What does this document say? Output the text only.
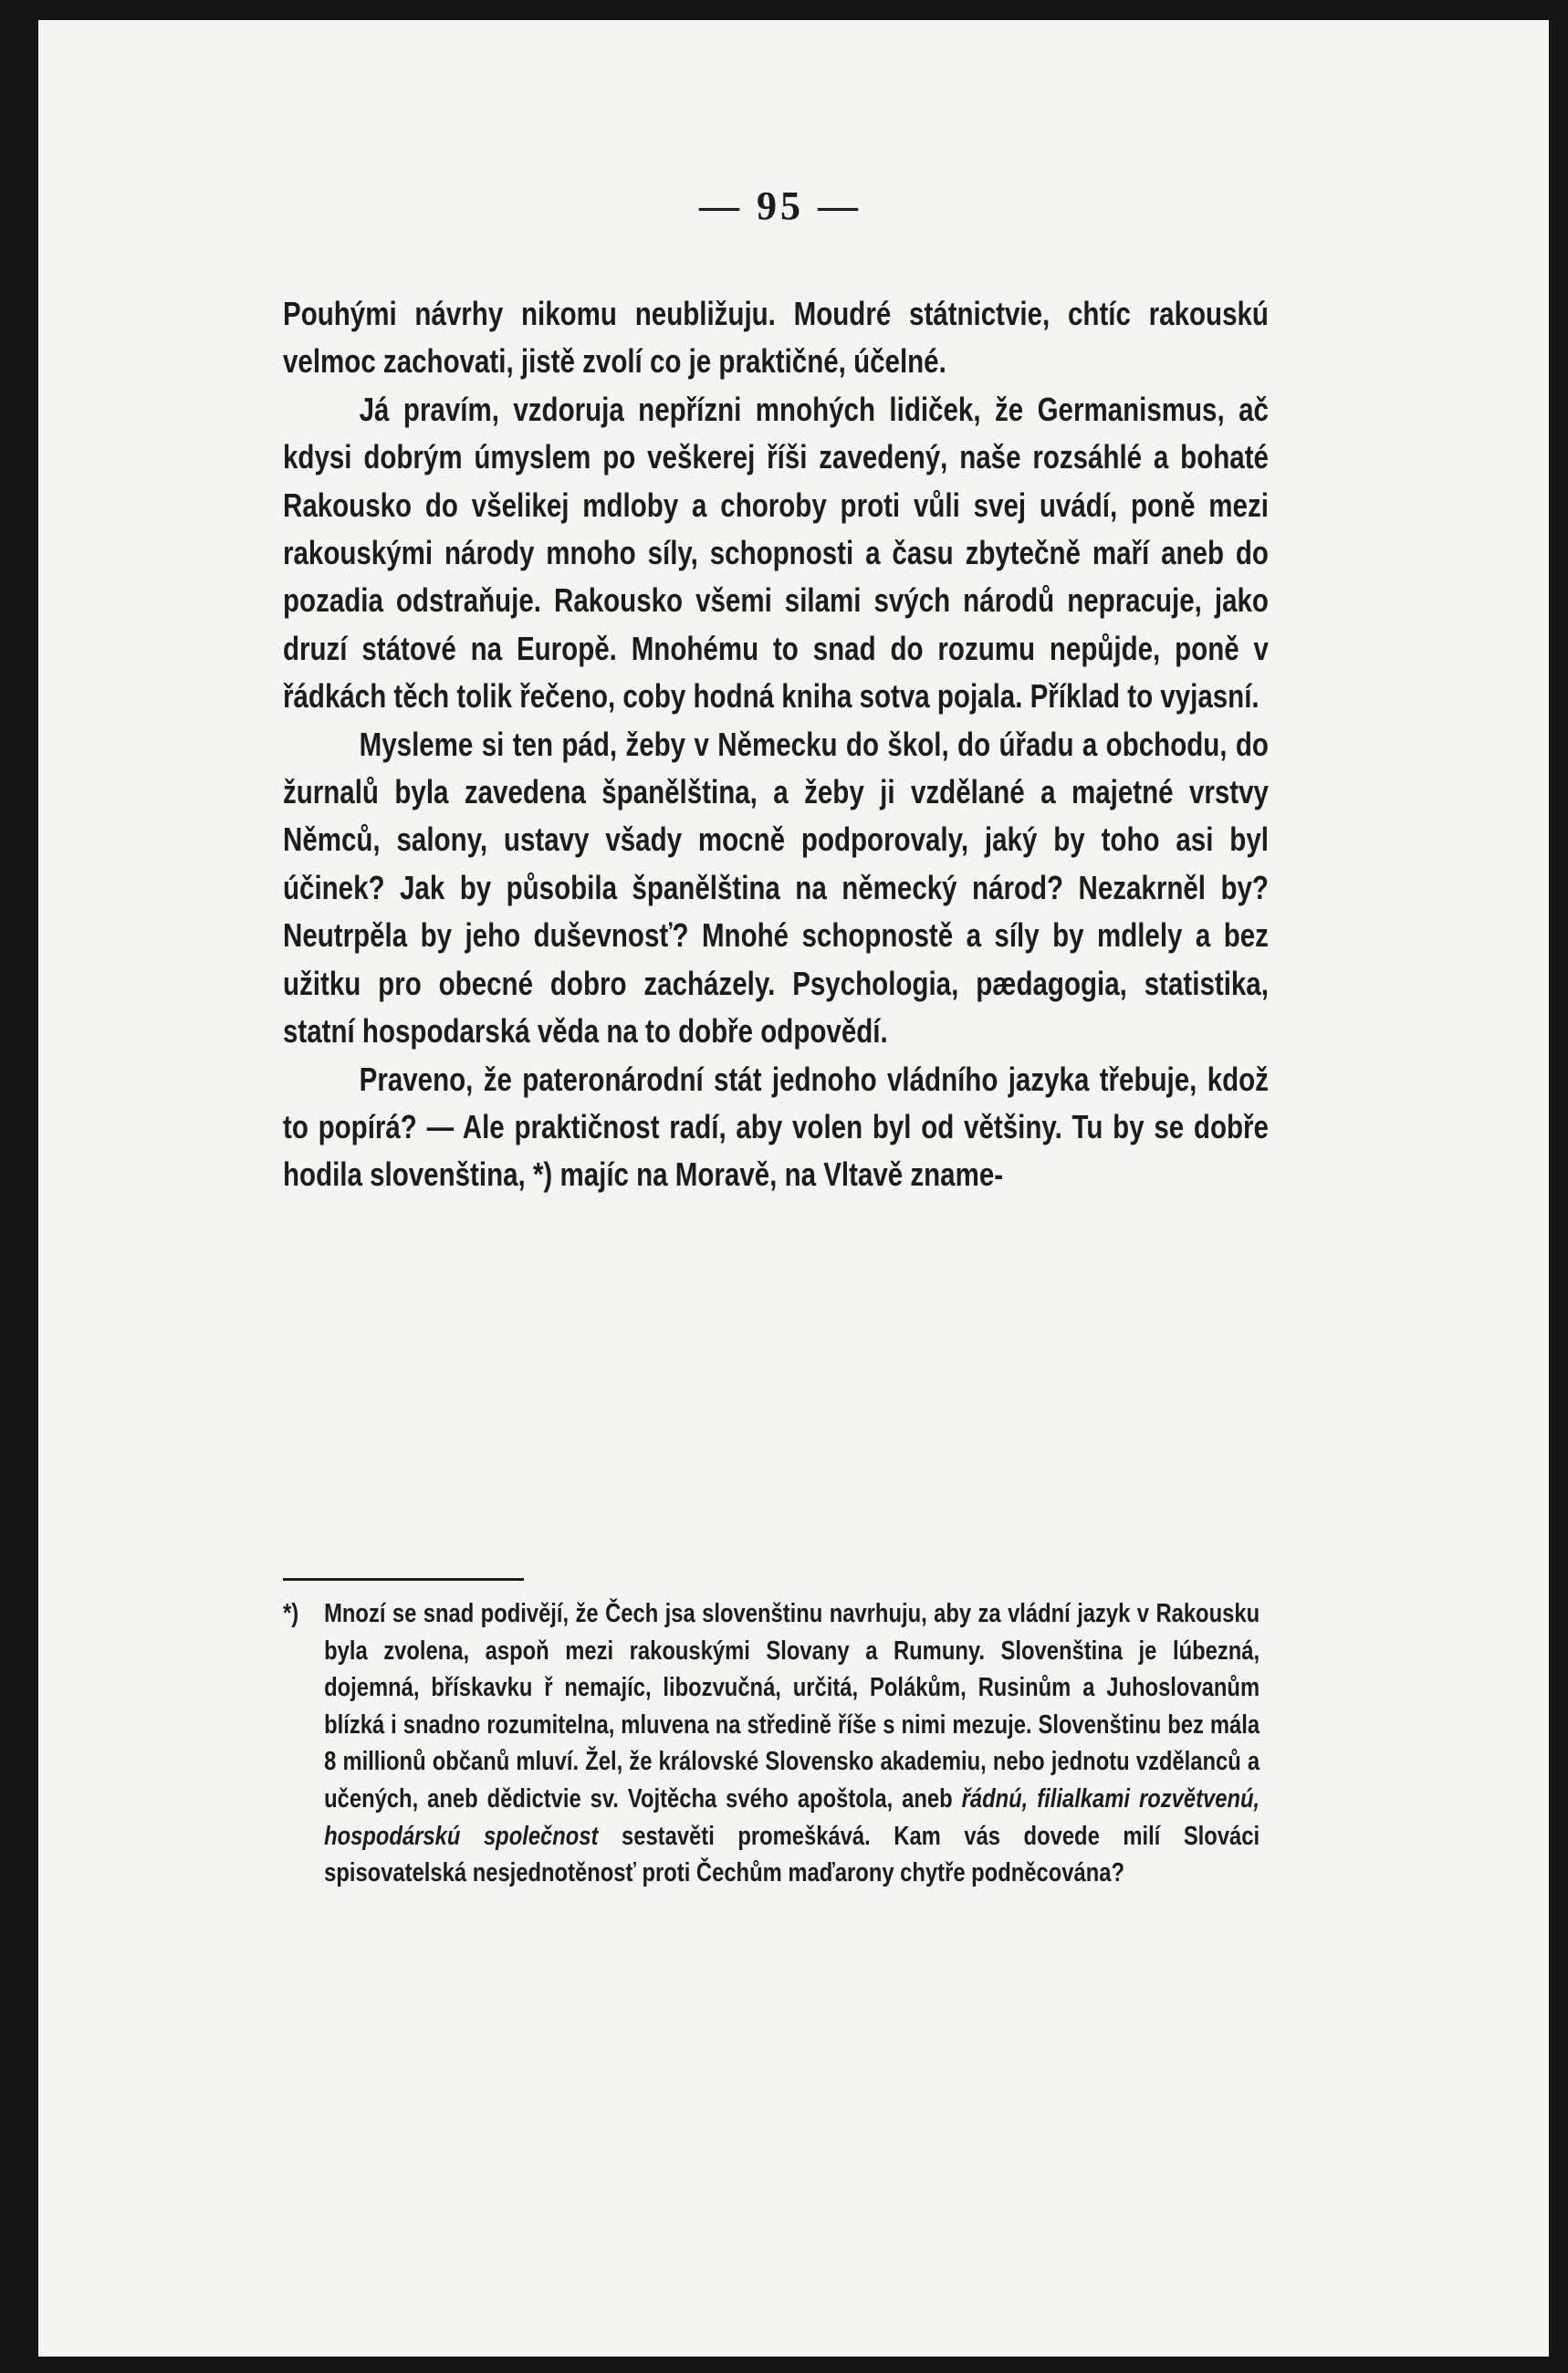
— 95 —

Pouhými návrhy nikomu neubližuju. Moudré státnictvie, chtíc rakouskú velmoc zachovati, jistě zvolí co je praktičné, účelné.

Já pravím, vzdoruja nepřízni mnohých lidiček, že Germanismus, ač kdysi dobrým úmyslem po veškerej říši zavedený, naše rozsáhlé a bohaté Rakousko do všelikej mdloby a choroby proti vůli svej uvádí, poně mezi rakouskými národy mnoho síly, schopnosti a času zbytečně maří aneb do pozadia odstraňuje. Rakousko všemi silami svých národů nepracuje, jako druzí státové na Europě. Mnohému to snad do rozumu nepůjde, poně v řádkách těch tolik řečeno, coby hodná kniha sotva pojala. Příklad to vyjasní.

Mysleme si ten pád, žeby v Německu do škol, do úřadu a obchodu, do žurnalů byla zavedena španělština, a žeby ji vzdělané a majetné vrstvy Němců, salony, ustavy všady mocně podporovaly, jaký by toho asi byl účinek? Jak by působila španělština na německý národ? Nezakrněl by? Neutrpěla by jeho duševnosť? Mnohé schopnostě a síly by mdlely a bez užitku pro obecné dobro zacházely. Psychologia, pædagogia, statistika, statní hospodarská věda na to dobře odpovědí.

Praveno, že pateronárodní stát jednoho vládního jazyka třebuje, kdož to popírá? — Ale praktičnost radí, aby volen byl od většiny. Tu by se dobře hodila slovenština, *) majíc na Moravě, na Vltavě zname-

*) Mnozí se snad podivějí, že Čech jsa slovenštinu navrhuju, aby za vládní jazyk v Rakousku byla zvolena, aspoň mezi rakouskými Slovany a Rumuny. Slovenština je lúbezná, dojemná, břískavku ř nemajíc, libozvučná, určitá, Polákům, Rusinům a Juhoslovanům blízká i snadno rozumitelna, mluvena na středině říše s nimi mezuje. Slovenštinu bez mála 8 millionů občanů mluví. Žel, že královské Slovensko akademiu, nebo jednotu vzdělanců a učených, aneb dědictvie sv. Vojtěcha svého apoštola, aneb řádnú, filialkami rozvětvenú, hospodárskú společnost sestavěti promeškává. Kam vás dovede milí Slováci spisovatelská nesjednotěnosť proti Čechům maďarony chytře podněcována?
